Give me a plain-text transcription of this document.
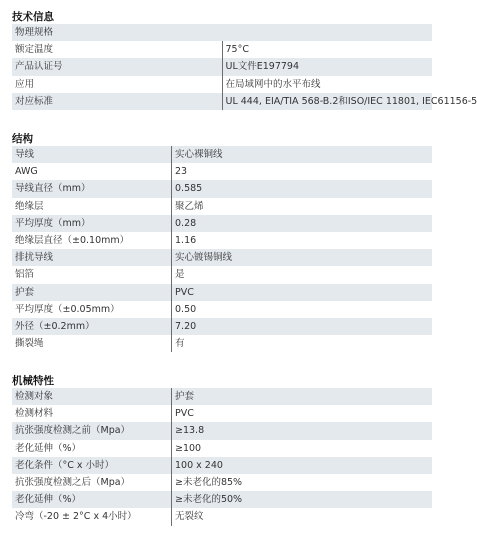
技术信息
物理规格	
额定温度	75°C
产品认证号	UL文件E197794
应用	在局域网中的水平布线
对应标准	UL 444, EIA/TIA 568-B.2和ISO/IEC 11801, IEC61156-5
结构
导线	实心裸铜线
AWG	23
导线直径（mm）	0.585
绝缘层	聚乙烯
平均厚度（mm）	0.28
绝缘层直径（±0.10mm）	1.16
排扰导线	实心镀锡铜线
铝箔	是
护套	PVC
平均厚度（±0.05mm）	0.50
外径（±0.2mm）	7.20
撕裂绳	有
机械特性
检测对象	护套
检测材料	PVC
抗张强度检测之前（Mpa）	≥13.8
老化延伸（%）	≥100
老化条件（°C x 小时）	100 x 240
抗张强度检测之后（Mpa）	≥未老化的85%
老化延伸（%）	≥未老化的50%
冷弯（-20 ± 2°C x 4小时）	无裂纹
